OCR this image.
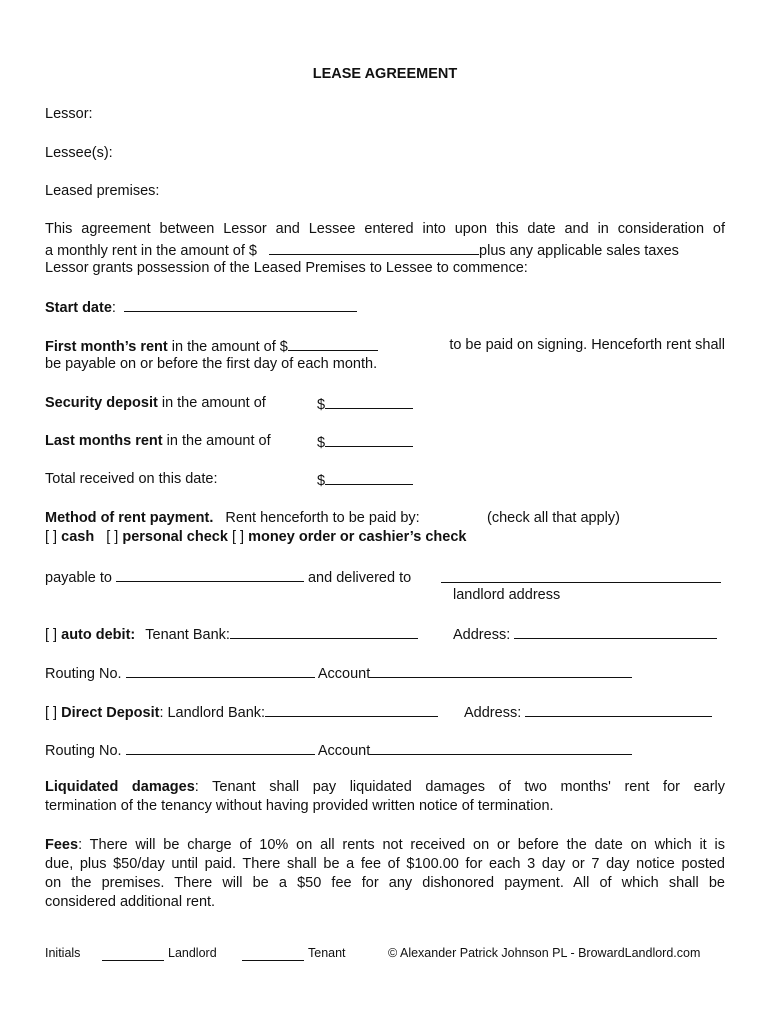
LEASE AGREEMENT
Lessor:
Lessee(s):
Leased premises:
This agreement between Lessor and Lessee entered into upon this date and in consideration of
a monthly rent in the amount of $	plus any applicable sales taxes
Lessor grants possession of the Leased Premises to Lessee to commence:
Start date:
First month’s rent in the amount of $	to be paid on signing. Henceforth rent shall
be payable on or before the first day of each month.
Security deposit in the amount of	$
Last months rent in the amount of	$
Total received on this date:	$
Method of rent payment. Rent henceforth to be paid by:	(check all that apply)
[ ] cash [ ] personal check [ ] money order or cashier’s check
payable to	and delivered to
landlord address
[ ] auto debit: Tenant Bank:	Address:
Routing No.	Account
[ ] Direct Deposit: Landlord Bank:	Address:
Routing No.	Account
Liquidated damages: Tenant shall pay liquidated damages of two months' rent for early
termination of the tenancy without having provided written notice of termination.
Fees: There will be charge of 10% on all rents not received on or before the date on which it is
due, plus $50/day until paid. There shall be a fee of $100.00 for each 3 day or 7 day notice posted
on the premises. There will be a $50 fee for any dishonored payment. All of which shall be
considered additional rent.
Initials	Landlord	Tenant	© Alexander Patrick Johnson PL - BrowardLandlord.com
